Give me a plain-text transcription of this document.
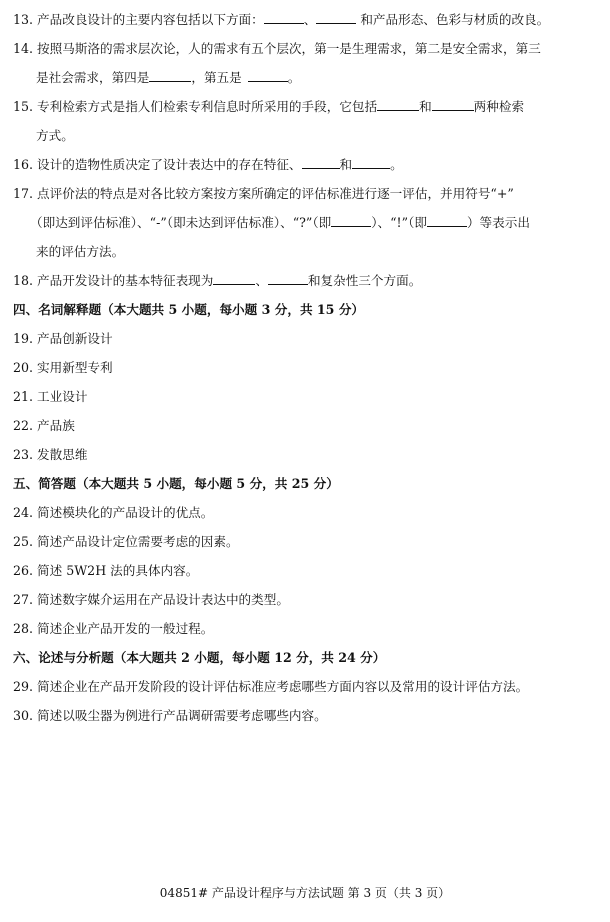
13. 产品改良设计的主要内容包括以下方面：	、	和产品形态、色彩与材质的改良。
14. 按照马斯洛的需求层次论，人的需求有五个层次，第一是生理需求，第二是安全需求，第三
是社会需求，第四是	，第五是	。
15. 专利检索方式是指人们检索专利信息时所采用的手段，它包括	和	两种检索
方式。
16. 设计的造物性质决定了设计表达中的存在特征、	和	。
17. 点评价法的特点是对各比较方案按方案所确定的评估标准进行逐一评估，并用符号“+”
（即达到评估标准）、“-”（即未达到评估标准）、“?”（即	）、“!”（即	）等表示出
来的评估方法。
18. 产品开发设计的基本特征表现为	、	和复杂性三个方面。
四、名词解释题（本大题共 5 小题，每小题 3 分，共 15 分）
19. 产品创新设计
20. 实用新型专利
21. 工业设计
22. 产品族
23. 发散思维
五、简答题（本大题共 5 小题，每小题 5 分，共 25 分）
24. 简述模块化的产品设计的优点。
25. 简述产品设计定位需要考虑的因素。
26. 简述 5W2H 法的具体内容。
27. 简述数字媒介运用在产品设计表达中的类型。
28. 简述企业产品开发的一般过程。
六、论述与分析题（本大题共 2 小题，每小题 12 分，共 24 分）
29. 简述企业在产品开发阶段的设计评估标准应考虑哪些方面内容以及常用的设计评估方法。
30. 简述以吸尘器为例进行产品调研需要考虑哪些内容。
04851# 产品设计程序与方法试题 第 3 页（共 3 页）
